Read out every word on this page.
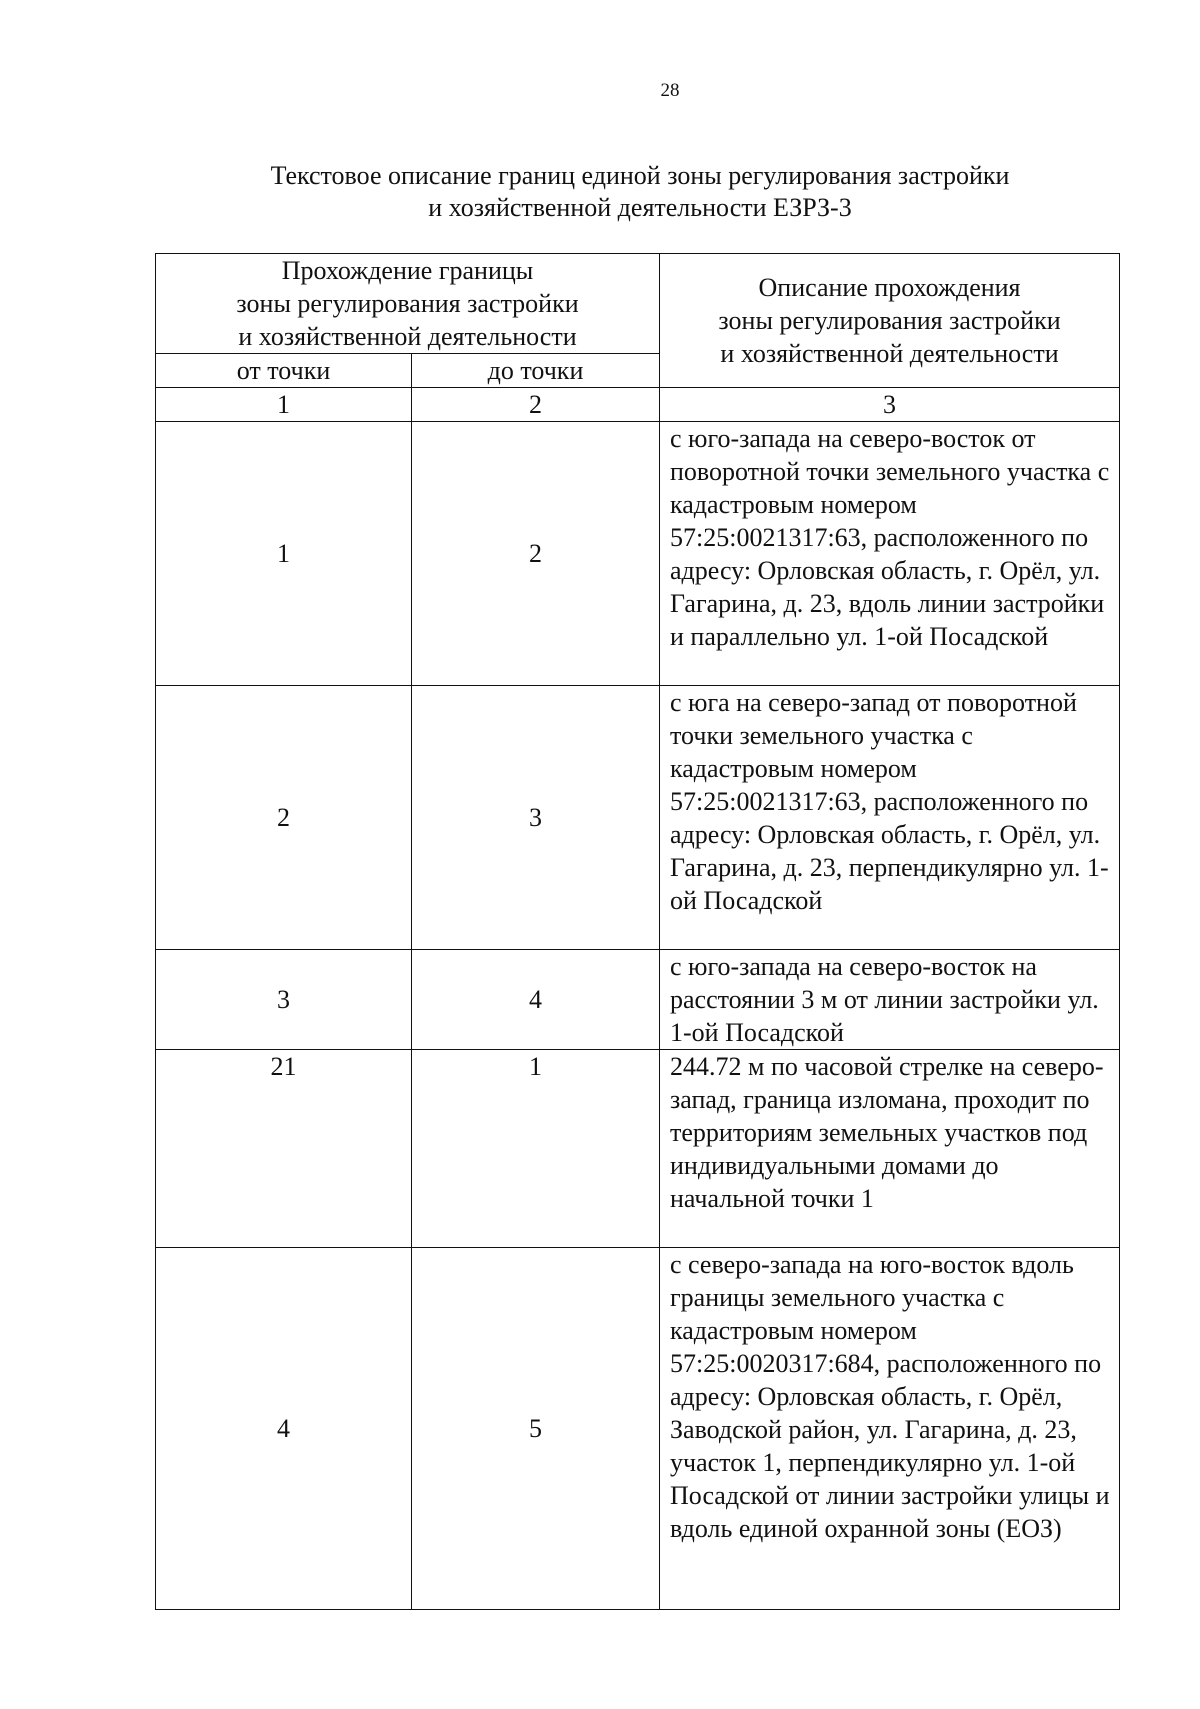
28
Текстовое описание границ единой зоны регулирования застройки
и хозяйственной деятельности ЕЗРЗ-3
Прохождение границы
зоны регулирования застройки
и хозяйственной деятельности		Описание прохождения
зоны регулирования застройки
и хозяйственной деятельности

от точки	до точки	
1	2	3
1	2	с юго-запада на северо-восток от поворотной точки земельного участка с кадастровым номером 57:25:0021317:63, расположенного по адресу: Орловская область, г. Орёл, ул. Гагарина, д. 23, вдоль линии застройки и параллельно ул. 1-ой Посадской
2	3	с юга на северо-запад от поворотной точки земельного участка с кадастровым номером 57:25:0021317:63, расположенного по адресу: Орловская область, г. Орёл, ул. Гагарина, д. 23, перпендикулярно ул. 1-ой Посадской
3	4	с юго-запада на северо-восток на расстоянии 3 м от линии застройки ул. 1-ой Посадской
21	1	244.72 м по часовой стрелке на северо-запад, граница изломана, проходит по территориям земельных участков под индивидуальными домами до начальной точки 1
4	5	с северо-запада на юго-восток вдоль границы земельного участка с кадастровым номером 57:25:0020317:684, расположенного по адресу: Орловская область, г. Орёл, Заводской район, ул. Гагарина, д. 23, участок 1, перпендикулярно ул. 1-ой Посадской от линии застройки улицы и вдоль единой охранной зоны (ЕОЗ)
